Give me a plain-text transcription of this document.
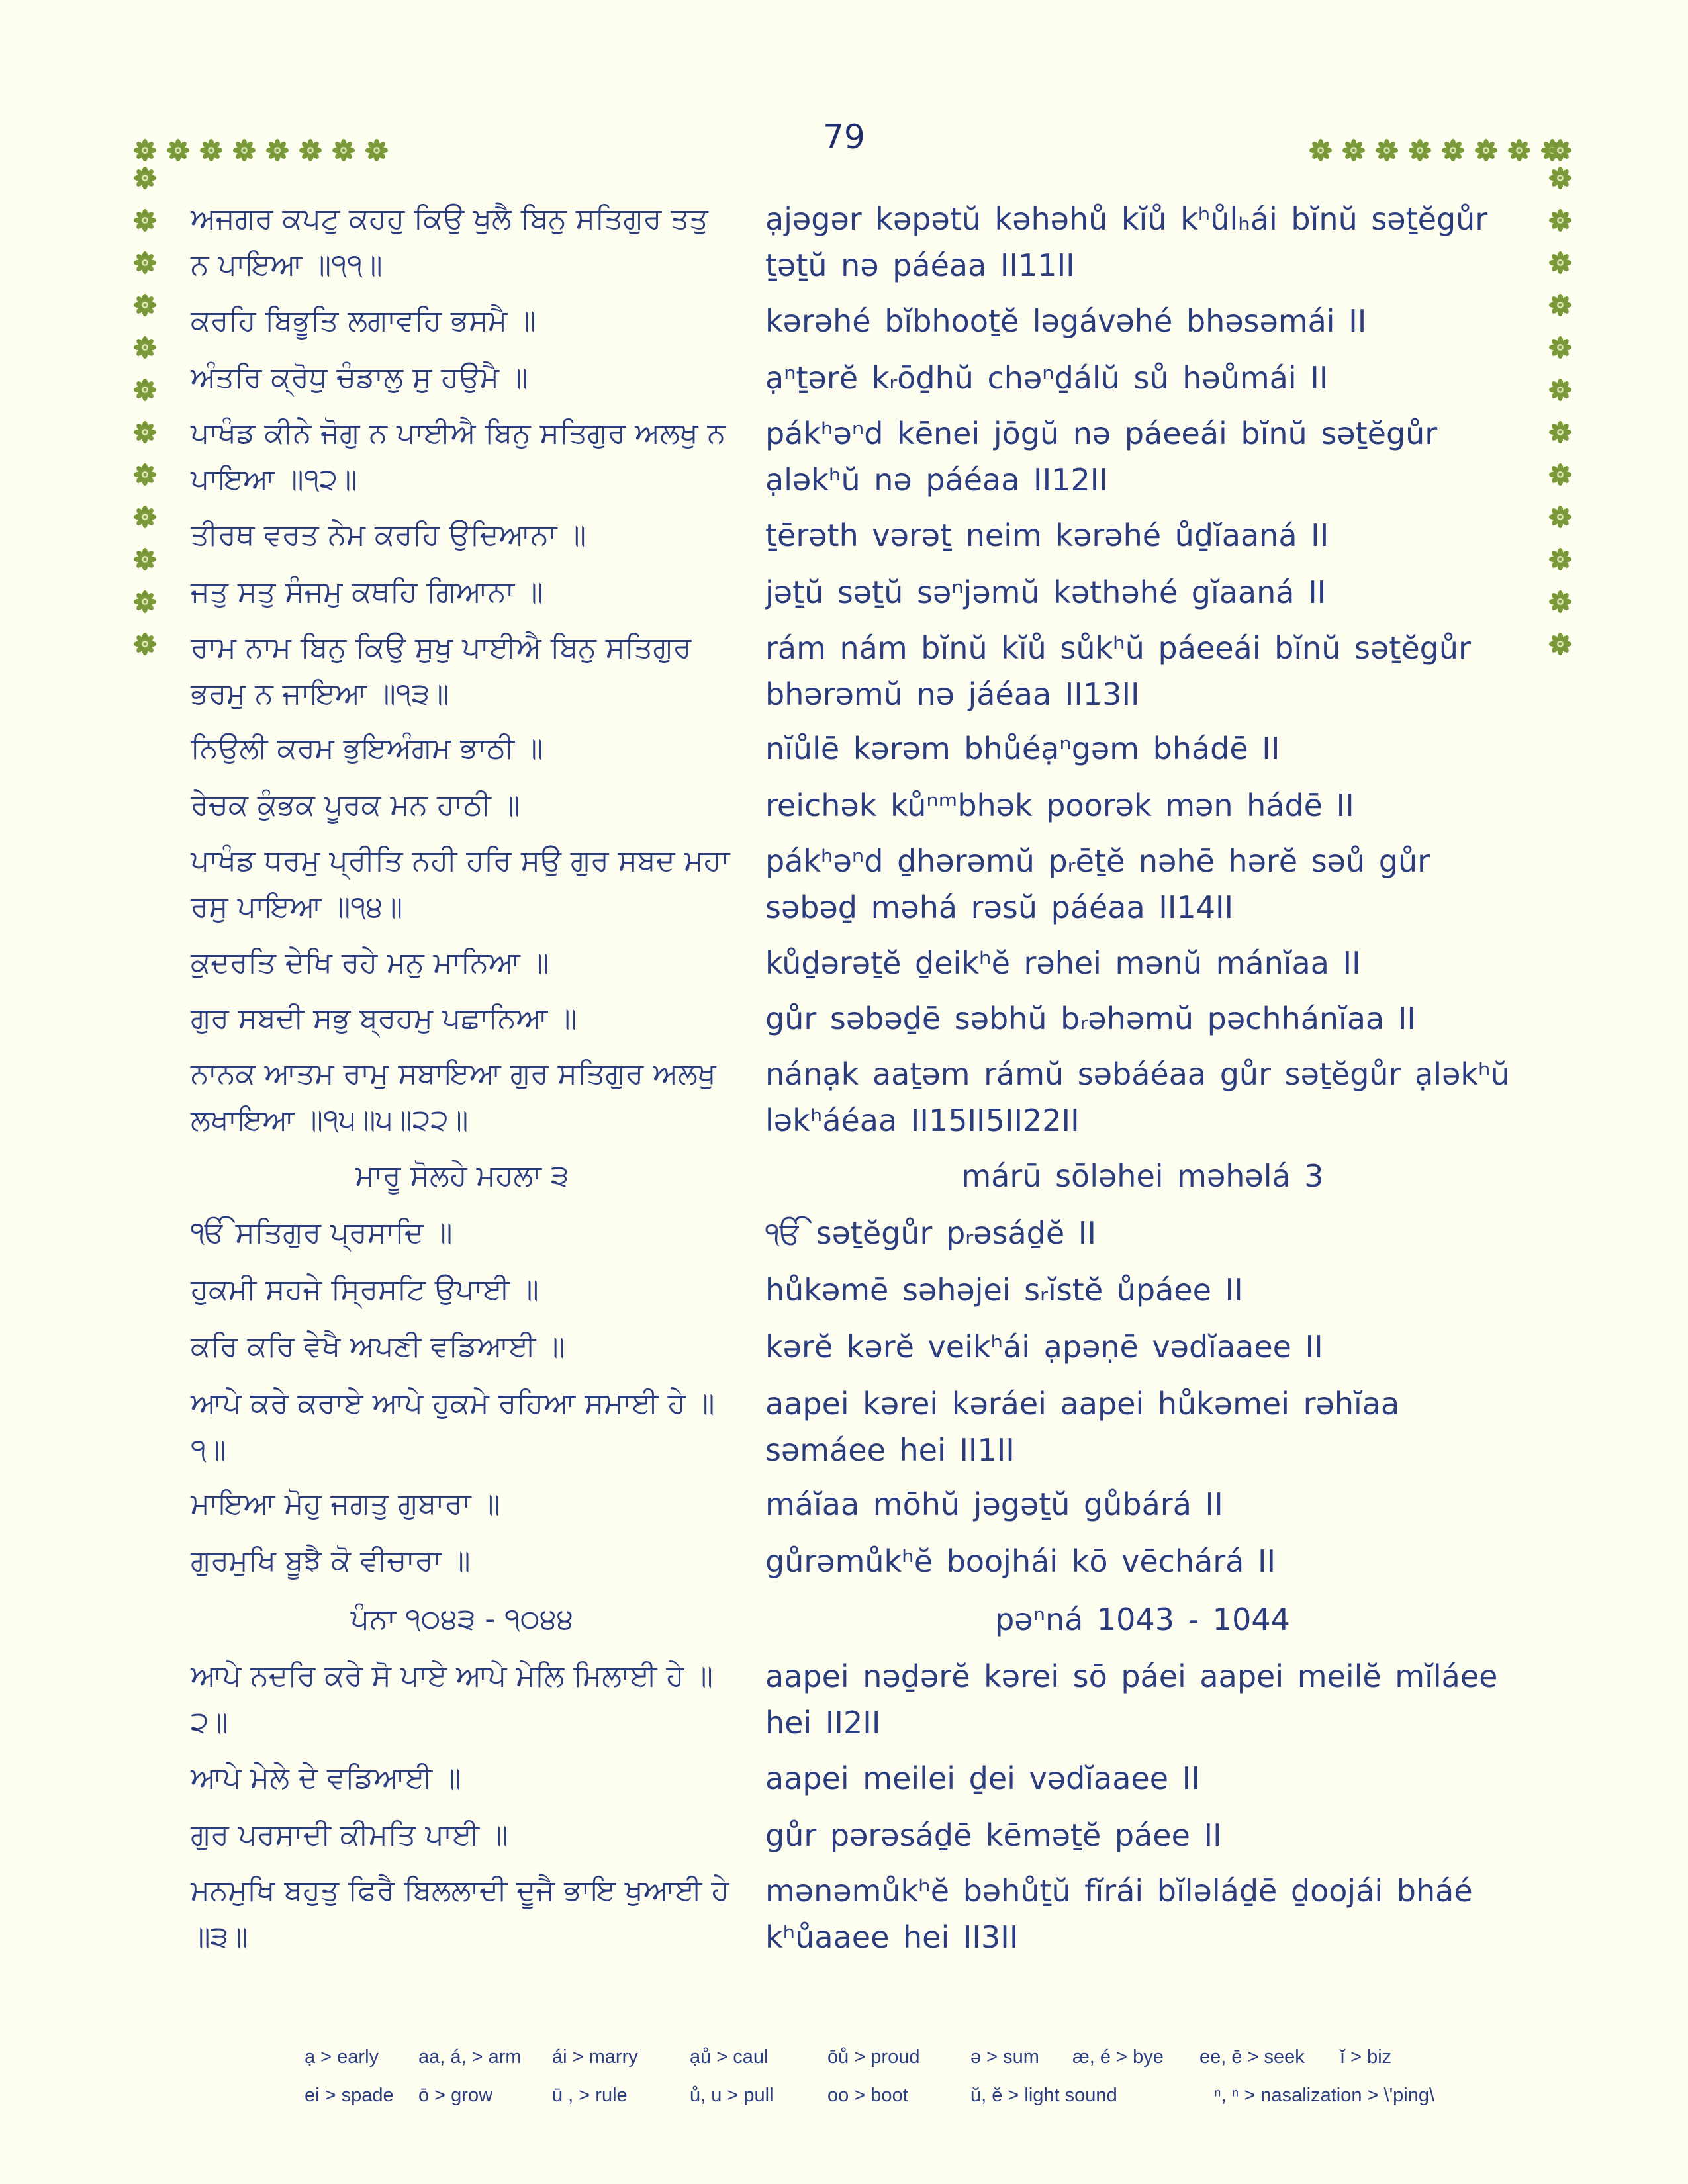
79
ਅਜਗਰ ਕਪਟੁ ਕਹਹੁ ਕਿਉ ਖੁਲੈ ਬਿਨੁ ਸਤਿਗੁਰ ਤਤੁ ਨ ਪਾਇਆ ॥੧੧॥
ạjəgər kəpətŭ kəhəhů kĭů kʰůlₕái bĭnŭ səṯĕgůr ṯəṯŭ nə páéaa II11II
ਕਰਹਿ ਬਿਭੂਤਿ ਲਗਾਵਹਿ ਭਸਮੈ ॥	kərəhé bĭbhooṯĕ ləgávəhé bhəsəmái II
ਅੰਤਰਿ ਕ੍ਰੋਧੁ ਚੰਡਾਲੁ ਸੁ ਹਉਮੈ ॥	ạⁿṯərĕ kᵣōḏhŭ chəⁿḏálŭ sů həůmái II
ਪਾਖੰਡ ਕੀਨੇ ਜੋਗੁ ਨ ਪਾਈਐ ਬਿਨੁ ਸਤਿਗੁਰ ਅਲਖੁ ਨ ਪਾਇਆ ॥੧੨॥
pákʰəⁿd kēnei jōgŭ nə páeeái bĭnŭ səṯĕgůr ạləkʰŭ nə páéaa II12II
ਤੀਰਥ ਵਰਤ ਨੇਮ ਕਰਹਿ ਉਦਿਆਨਾ ॥	ṯērəth vərəṯ neim kərəhé ůḏĭaaná II
ਜਤੁ ਸਤੁ ਸੰਜਮੁ ਕਥਹਿ ਗਿਆਨਾ ॥	jəṯŭ səṯŭ səⁿjəmŭ kəthəhé gĭaaná II
ਰਾਮ ਨਾਮ ਬਿਨੁ ਕਿਉ ਸੁਖੁ ਪਾਈਐ ਬਿਨੁ ਸਤਿਗੁਰ ਭਰਮੁ ਨ ਜਾਇਆ ॥੧੩॥
rám nám bĭnŭ kĭů sůkʰŭ páeeái bĭnŭ səṯĕgůr bhərəmŭ nə jáéaa II13II
ਨਿਉਲੀ ਕਰਮ ਭੁਇਅੰਗਮ ਭਾਠੀ ॥	nĭůlē kərəm bhůéạⁿgəm bhádē II
ਰੇਚਕ ਕੁੰਭਕ ਪੂਰਕ ਮਨ ਹਾਠੀ ॥	reichək kůⁿᵐbhək poorək mən hádē II
ਪਾਖੰਡ ਧਰਮੁ ਪ੍ਰੀਤਿ ਨਹੀ ਹਰਿ ਸਉ ਗੁਰ ਸਬਦ ਮਹਾ ਰਸੁ ਪਾਇਆ ॥੧੪॥
pákʰəⁿd ḏhərəmŭ pᵣēṯĕ nəhē hərĕ səů gůr səbəḏ məhá rəsŭ páéaa II14II
ਕੁਦਰਤਿ ਦੇਖਿ ਰਹੇ ਮਨੁ ਮਾਨਿਆ ॥	kůḏərəṯĕ ḏeikʰĕ rəhei mənŭ mánĭaa II
ਗੁਰ ਸਬਦੀ ਸਭੁ ਬ੍ਰਹਮੁ ਪਛਾਨਿਆ ॥	gůr səbəḏē səbhŭ bᵣəhəmŭ pəchhánĭaa II
ਨਾਨਕ ਆਤਮ ਰਾਮੁ ਸਬਾਇਆ ਗੁਰ ਸਤਿਗੁਰ ਅਲਖੁ ਲਖਾਇਆ ॥੧੫॥੫॥੨੨॥
nánạk aaṯəm rámŭ səbáéaa gůr səṯĕgůr ạləkʰŭ ləkʰáéaa II15II5II22II
ਮਾਰੂ ਸੋਲਹੇ ਮਹਲਾ ੩	márū sōləhei məhəlá 3
ੴ ਸਤਿਗੁਰ ਪ੍ਰਸਾਦਿ ॥	ੴ səṯĕgůr pᵣəsáḏĕ II
ਹੁਕਮੀ ਸਹਜੇ ਸ੍ਰਿਸਟਿ ਉਪਾਈ ॥	hůkəmē səhəjei sᵣĭstĕ ůpáee II
ਕਰਿ ਕਰਿ ਵੇਖੈ ਅਪਣੀ ਵਡਿਆਈ ॥	kərĕ kərĕ veikʰái ạpəṇē vədĭaaee II
ਆਪੇ ਕਰੇ ਕਰਾਏ ਆਪੇ ਹੁਕਮੇ ਰਹਿਆ ਸਮਾਈ ਹੇ ॥੧॥
aapei kərei kəráei aapei hůkəmei rəhĭaa səmáee hei II1II
ਮਾਇਆ ਮੋਹੁ ਜਗਤੁ ਗੁਬਾਰਾ ॥	máĭaa mōhŭ jəgəṯŭ gůbárá II
ਗੁਰਮੁਖਿ ਬੂਝੈ ਕੋ ਵੀਚਾਰਾ ॥	gůrəmůkʰĕ boojhái kō vēchárá II
ਪੰਨਾ ੧੦੪੩ - ੧੦੪੪	pəⁿná 1043 - 1044
ਆਪੇ ਨਦਰਿ ਕਰੇ ਸੋ ਪਾਏ ਆਪੇ ਮੇਲਿ ਮਿਲਾਈ ਹੇ ॥੨॥
aapei nəḏərĕ kərei sō páei aapei meilĕ mĭláee hei II2II
ਆਪੇ ਮੇਲੇ ਦੇ ਵਡਿਆਈ ॥	aapei meilei ḏei vədĭaaee II
ਗੁਰ ਪਰਸਾਦੀ ਕੀਮਤਿ ਪਾਈ ॥	gůr pərəsáḏē kēməṯĕ páee II
ਮਨਮੁਖਿ ਬਹੁਤੁ ਫਿਰੈ ਬਿਲਲਾਦੀ ਦੂਜੈ ਭਾਇ ਖੁਆਈ ਹੇ ॥੩॥
mənəmůkʰĕ bəhůṯŭ fĭrái bĭləláḏē ḏoojái bháé kʰůaaee hei II3II
ạ > early aa, á, > arm ái > marry	ạů > caul	ōů > proud	ə > sum æ, é > bye ee, ē > seek ĭ > biz
ei > spade ō > grow	ū , > rule	ů, u > pull	oo > boot	ŭ, ĕ > light sound	ⁿ, ⁿ > nasalization > \'ping\
